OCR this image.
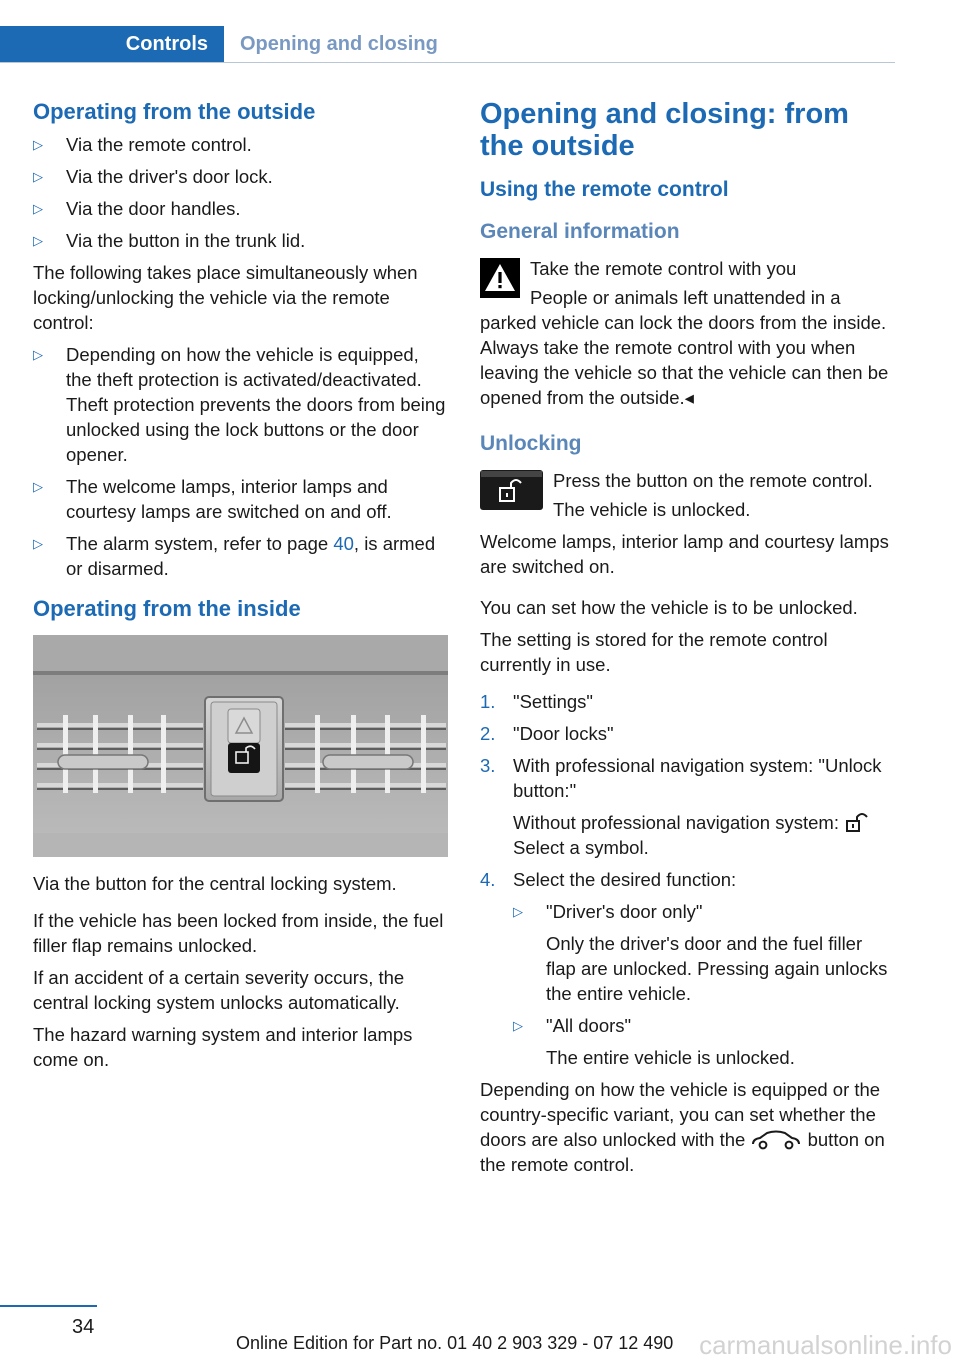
Controls	Opening and closing
Operating from the outside
▷ Via the remote control.
▷ Via the driver's door lock.
▷ Via the door handles.
▷ Via the button in the trunk lid.

The following takes place simultaneously when locking/unlocking the vehicle via the remote control:

▷ Depending on how the vehicle is equipped, the theft protection is activated/deactivated. Theft protection prevents the doors from being unlocked using the lock buttons or the door opener.
▷ The welcome lamps, interior lamps and courtesy lamps are switched on and off.
▷ The alarm system, refer to page 40, is armed or disarmed.
Operating from the inside

Via the button for the central locking system.

If the vehicle has been locked from inside, the fuel filler flap remains unlocked.

If an accident of a certain severity occurs, the central locking system unlocks automatically.

The hazard warning system and interior lamps come on.

Opening and closing: from the outside
Using the remote control
General information

Take the remote control with you

People or animals left unattended in a parked vehicle can lock the doors from the inside. Always take the remote control with you when leaving the vehicle so that the vehicle can then be opened from the outside.◂

Unlocking

Press the button on the remote control.

The vehicle is unlocked.

Welcome lamps, interior lamp and courtesy lamps are switched on.

You can set how the vehicle is to be unlocked.

The setting is stored for the remote control currently in use.

1. "Settings"
2. "Door locks"
3. With professional navigation system: "Unlock button:"
Without professional navigation system:
Select a symbol.
4. Select the desired function:
▷ "Driver's door only"
Only the driver's door and the fuel filler flap are unlocked. Pressing again unlocks the entire vehicle.
▷ "All doors"
The entire vehicle is unlocked.

Depending on how the vehicle is equipped or the country-specific variant, you can set whether the doors are also unlocked with the	button on the remote control.

34
Online Edition for Part no. 01 40 2 903 329 - 07 12 490 carmanualsonline.info
